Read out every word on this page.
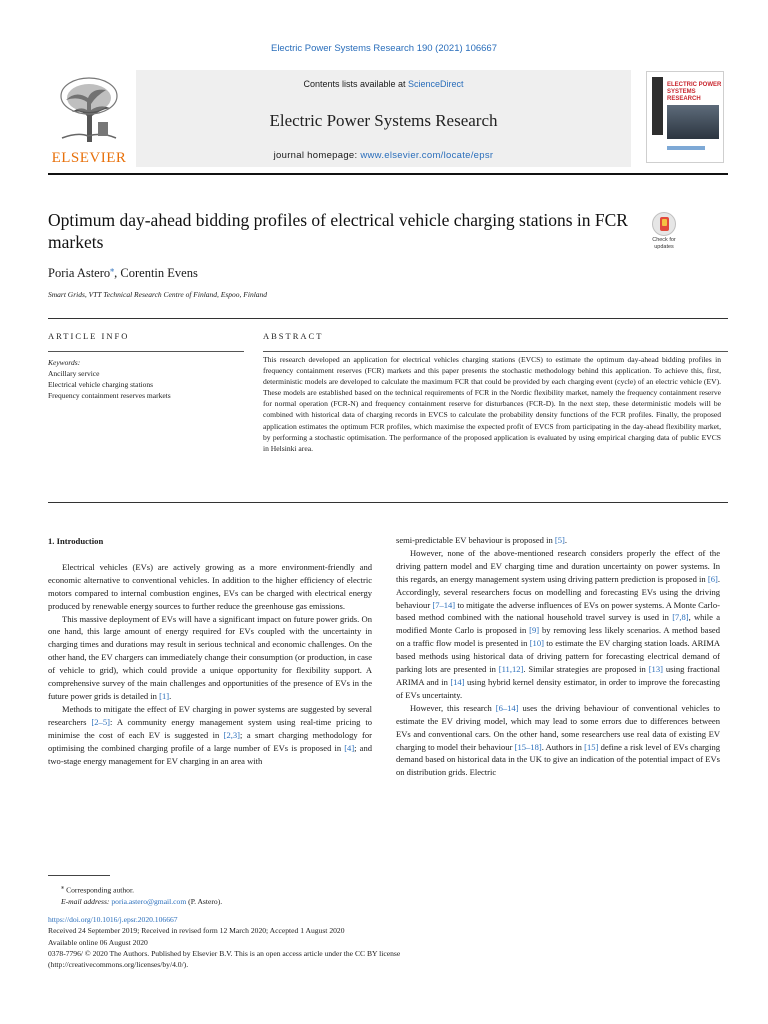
Electric Power Systems Research 190 (2021) 106667
ELSEVIER
Contents lists available at ScienceDirect
Electric Power Systems Research
journal homepage: www.elsevier.com/locate/epsr
ELECTRIC POWER
SYSTEMS RESEARCH
Optimum day-ahead bidding profiles of electrical vehicle charging stations in FCR markets	Check for
updates
Poria Astero⁎, Corentin Evens
Smart Grids, VTT Technical Research Centre of Finland, Espoo, Finland
ARTICLE INFO
Keywords:
Ancillary service
Electrical vehicle charging stations
Frequency containment reserves markets
ABSTRACT
This research developed an application for electrical vehicles charging stations (EVCS) to estimate the optimum day-ahead bidding profiles in frequency containment reserves (FCR) markets and this paper presents the stochastic methodology behind this application. To achieve this, first, deterministic models are developed to calculate the maximum FCR that could be provided by each charging event (cycle) of an electric vehicle (EV). These models are established based on the technical requirements of FCR in the Nordic flexibility market, namely the frequency containment reserve for normal operation (FCR-N) and frequency containment reserve for disturbances (FCR-D). In the next step, these deterministic models will be combined with historical data of charging records in EVCS to calculate the probability density functions of the FCR profiles. Finally, the proposed application estimates the optimum FCR profiles, which maximise the expected profit of EVCS from participating in the day-ahead flexibility market, by performing a stochastic optimisation. The performance of the proposed application is evaluated by using empirical charging data of public EVCS in Helsinki area.
1. Introduction

Electrical vehicles (EVs) are actively growing as a more environment-friendly and economic alternative to conventional vehicles. In addition to the higher efficiency of electric motors compared to internal combustion engines, EVs can be charged with electrical energy produced by renewable energy sources to further reduce the greenhouse gas emissions.

This massive deployment of EVs will have a significant impact on future power grids. On one hand, this large amount of energy required for EVs coupled with the uncertainty in charging times and durations may result in serious technical and economic challenges. On the other hand, the EV chargers can immediately change their consumption (or production, in case of vehicle to grid), which could provide a unique opportunity for flexibility support. A comprehensive survey of the main challenges and opportunities of the presence of EVs in the future power grids is detailed in [1].

Methods to mitigate the effect of EV charging in power systems are suggested by several researchers [2–5]: A community energy management system using real-time pricing to minimise the cost of each EV is suggested in [2,3]; a smart charging methodology for optimising the combined charging profile of a large number of EVs is proposed in [4]; and two-stage energy management for EV charging in an area with

semi-predictable EV behaviour is proposed in [5].

However, none of the above-mentioned research considers properly the effect of the driving pattern model and EV charging time and duration uncertainty on power systems. In this regards, an energy management system using driving pattern prediction is proposed in [6]. Accordingly, several researchers focus on modelling and forecasting EVs using the driving behaviour [7–14] to mitigate the adverse influences of EVs on power systems. A Monte Carlo-based method combined with the national household travel survey is used in [7,8], while a modified Monte Carlo is proposed in [9] by removing less likely scenarios. A method based on a traffic flow model is presented in [10] to estimate the EV charging station loads. ARIMA based methods using historical data of driving pattern for forecasting electrical demand of parking lots are presented in [11,12]. Similar strategies are proposed in [13] using fractional ARIMA and in [14] using hybrid kernel density estimator, in order to improve the forecasting of EVs uncertainty.

However, this research [6–14] uses the driving behaviour of conventional vehicles to estimate the EV driving model, which may lead to some errors due to differences between EVs and conventional cars. On the other hand, some researchers use real data of existing EV charging to model their behaviour [15–18]. Authors in [15] define a risk level of EVs charging demand based on historical data in the UK to give an indication of the potential impact of EVs on distribution grids. Electric

⁎ Corresponding author.
E-mail address: poria.astero@gmail.com (P. Astero).
https://doi.org/10.1016/j.epsr.2020.106667
Received 24 September 2019; Received in revised form 12 March 2020; Accepted 1 August 2020
Available online 06 August 2020
0378-7796/ © 2020 The Authors. Published by Elsevier B.V. This is an open access article under the CC BY license
(http://creativecommons.org/licenses/by/4.0/).
